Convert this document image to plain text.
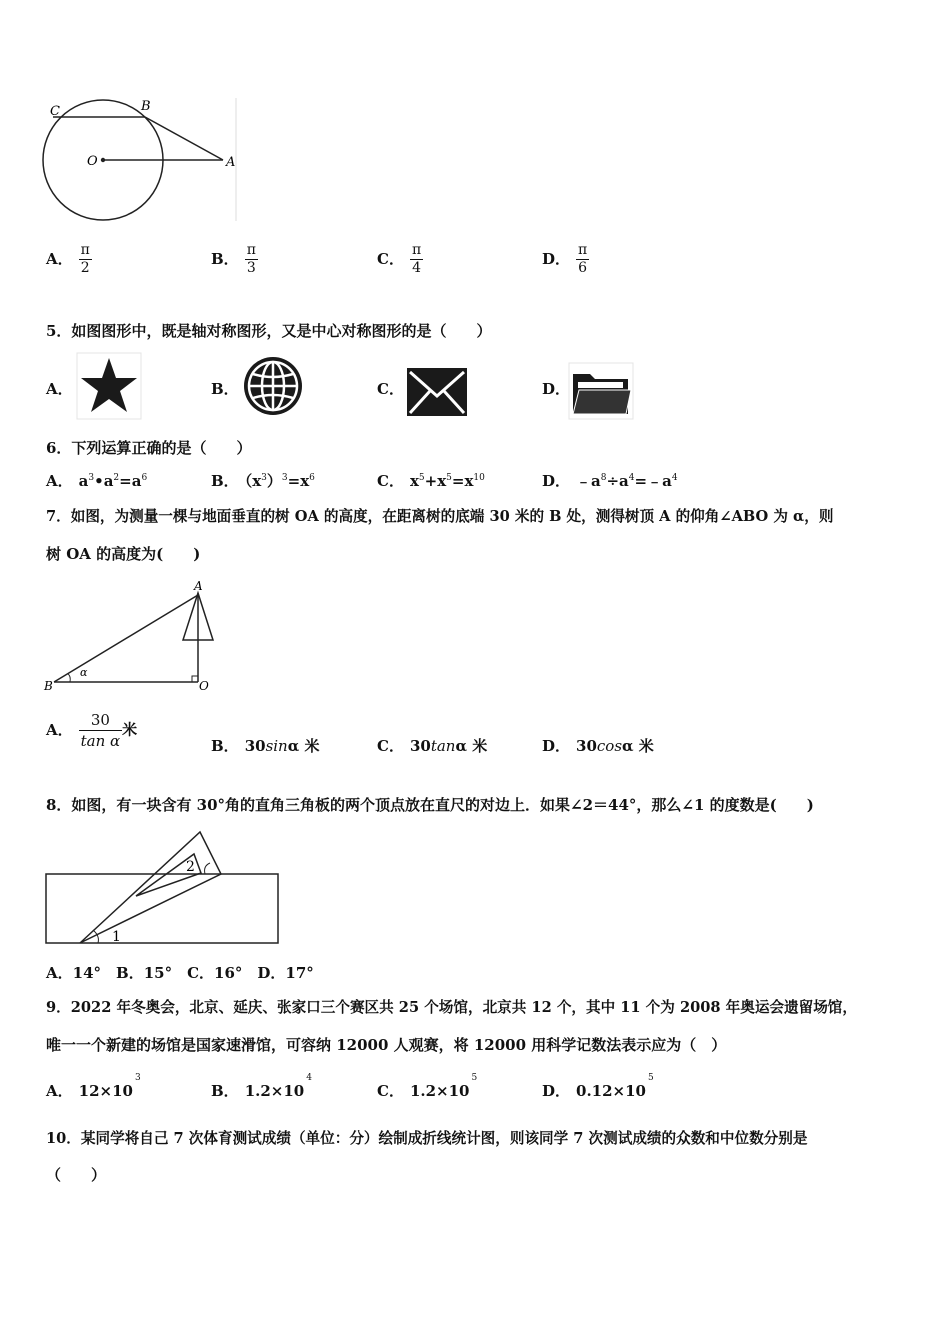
C	B
O	A
A． $\frac{\pi}{2}$	B． $\frac{\pi}{3}$	C． $\frac{\pi}{4}$	D． $\frac{\pi}{6}$
5．如图图形中，既是轴对称图形，又是中心对称图形的是（　　）
A．	B．	C．	D．
6．下列运算正确的是（　　）
A． $a^3•a^2=a^6$	B． $(x^3)^3=x^6$	C． $x^5+x^5=x^{10}$	D． $﹣a^8\div a^4=﹣a^4$
7．如图，为测量一棵与地面垂直的树 OA 的高度，在距离树的底端 30 米的 B 处，测得树顶 A 的仰角∠ABO 为 α，则
树 OA 的高度为(　　)
A
B	O
α
A． $\frac{30}{\text{tan α}}$ 米
B． 30sinα 米	C． 30tanα 米	D． 30cosα 米
8．如图，有一块含有 30°角的直角三角板的两个顶点放在直尺的对边上．如果∠2＝44°，那么∠1 的度数是(　　)
2
1
A．14°　B．15°　C．16°　D．17°
9．2022 年冬奥会，北京、延庆、张家口三个赛区共 25 个场馆，北京共 12 个，其中 11 个为 2008 年奥运会遗留场馆，
唯一一个新建的场馆是国家速滑馆，可容纳 12000 人观赛，将 12000 用科学记数法表示应为（　）
A． $12\times 10^3$
B． $1.2\times 10^4$
C． $1.2\times 10^5$
D． $0.12\times 10^5$
10．某同学将自己 7 次体育测试成绩（单位：分）绘制成折线统计图，则该同学 7 次测试成绩的众数和中位数分别是
（　　）
